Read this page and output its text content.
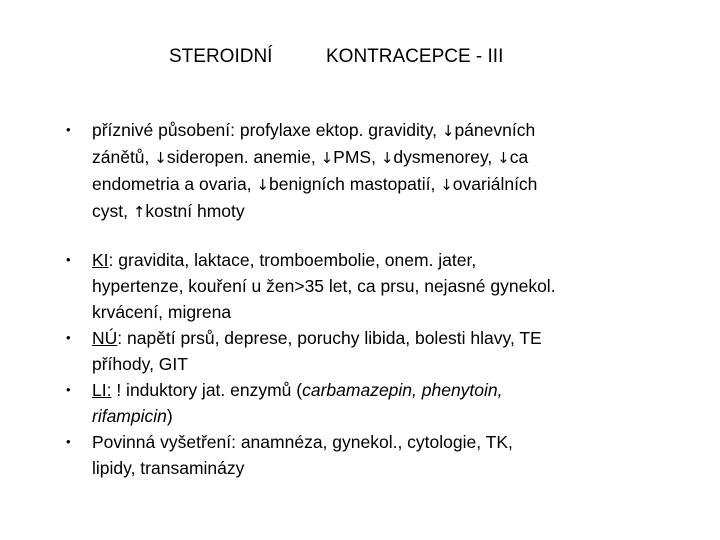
STEROIDNÍ	KONTRACEPCE - III
•	příznivé působení: profylaxe ektop. gravidity, ↓pánevních
zánětů, ↓sideropen. anemie, ↓PMS, ↓dysmenorey, ↓ca
endometria a ovaria, ↓benigních mastopatií, ↓ovariálních
cyst, ↑kostní hmoty
•	KI: gravidita, laktace, tromboembolie, onem. jater,
hypertenze, kouření u žen>35 let, ca prsu, nejasné gynekol.
krvácení, migrena
•	NÚ: napětí prsů, deprese, poruchy libida, bolesti hlavy, TE
příhody, GIT
•	LI: ! induktory jat. enzymů (carbamazepin, phenytoin,
rifampicin)
•	Povinná vyšetření: anamnéza, gynekol., cytologie, TK,
lipidy, transaminázy
